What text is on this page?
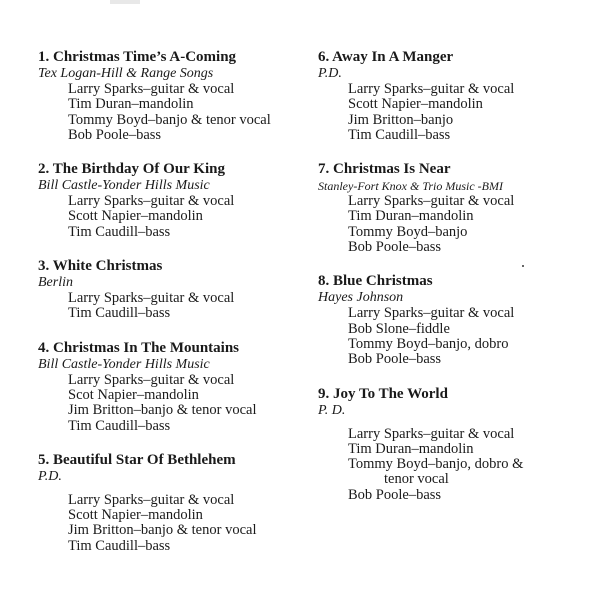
1. Christmas Time’s A-Coming
Tex Logan-Hill & Range Songs
Larry Sparks–guitar & vocal
Tim Duran–mandolin
Tommy Boyd–banjo & tenor vocal
Bob Poole–bass
2. The Birthday Of Our King
Bill Castle-Yonder Hills Music
Larry Sparks–guitar & vocal
Scott Napier–mandolin
Tim Caudill–bass
3. White Christmas
Berlin
Larry Sparks–guitar & vocal
Tim Caudill–bass
4. Christmas In The Mountains
Bill Castle-Yonder Hills Music
Larry Sparks–guitar & vocal
Scot Napier–mandolin
Jim Britton–banjo & tenor vocal
Tim Caudill–bass
5. Beautiful Star Of Bethlehem
P.D.
Larry Sparks–guitar & vocal
Scott Napier–mandolin
Jim Britton–banjo & tenor vocal
Tim Caudill–bass
6. Away In A Manger
P.D.
Larry Sparks–guitar & vocal
Scott Napier–mandolin
Jim Britton–banjo
Tim Caudill–bass
7. Christmas Is Near
Stanley-Fort Knox & Trio Music -BMI
Larry Sparks–guitar & vocal
Tim Duran–mandolin
Tommy Boyd–banjo
Bob Poole–bass
8. Blue Christmas
Hayes Johnson
Larry Sparks–guitar & vocal
Bob Slone–fiddle
Tommy Boyd–banjo, dobro
Bob Poole–bass
9. Joy To The World
P. D.
Larry Sparks–guitar & vocal
Tim Duran–mandolin
Tommy Boyd–banjo, dobro &
tenor vocal
Bob Poole–bass
